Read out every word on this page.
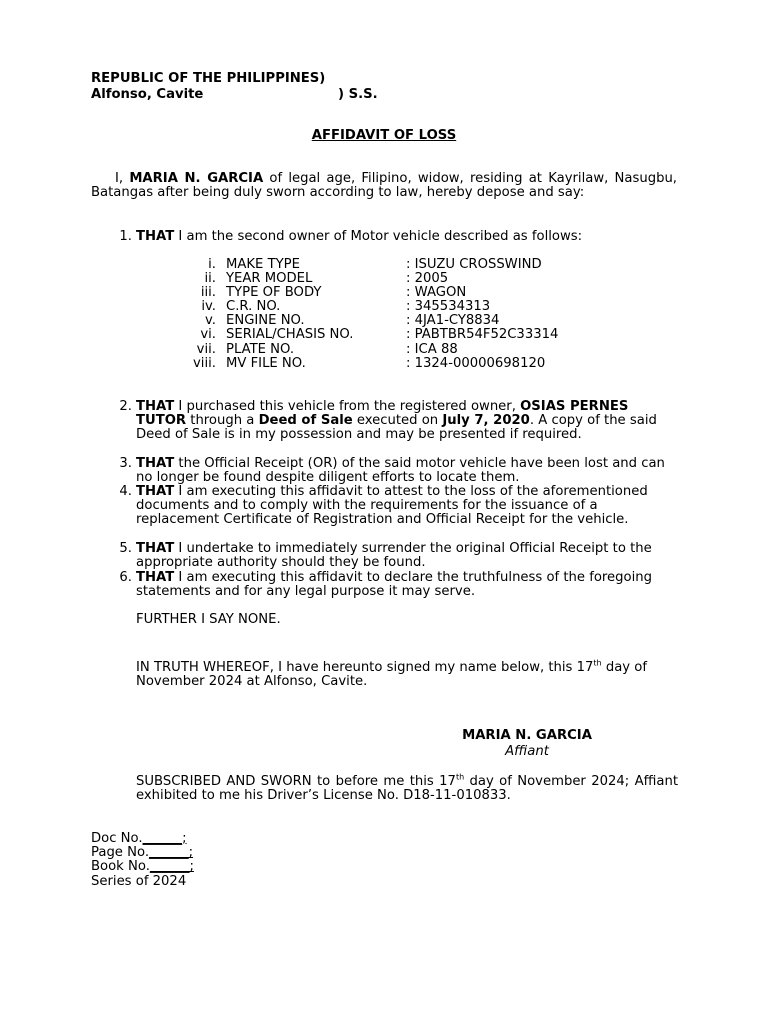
REPUBLIC OF THE PHILIPPINES)
Alfonso, Cavite	) S.S.
AFFIDAVIT OF LOSS
I, MARIA N. GARCIA of legal age, Filipino, widow, residing at Kayrilaw, Nasugbu, Batangas after being duly sworn according to law, hereby depose and say:
1. THAT I am the second owner of Motor vehicle described as follows:
i. MAKE TYPE	: ISUZU CROSSWIND
ii. YEAR MODEL	: 2005
iii. TYPE OF BODY	: WAGON
iv. C.R. NO.	: 345534313
v. ENGINE NO.	: 4JA1-CY8834
vi. SERIAL/CHASIS NO.	: PABTBR54F52C33314
vii. PLATE NO.	: ICA 88
viii. MV FILE NO.	: 1324-00000698120
2. THAT I purchased this vehicle from the registered owner, OSIAS PERNES TUTOR through a Deed of Sale executed on July 7, 2020. A copy of the said Deed of Sale is in my possession and may be presented if required.
3. THAT the Official Receipt (OR) of the said motor vehicle have been lost and can no longer be found despite diligent efforts to locate them.
4. THAT I am executing this affidavit to attest to the loss of the aforementioned documents and to comply with the requirements for the issuance of a replacement Certificate of Registration and Official Receipt for the vehicle.
5. THAT I undertake to immediately surrender the original Official Receipt to the appropriate authority should they be found.
6. THAT I am executing this affidavit to declare the truthfulness of the foregoing statements and for any legal purpose it may serve.
FURTHER I SAY NONE.
IN TRUTH WHEREOF, I have hereunto signed my name below, this 17th day of November 2024 at Alfonso, Cavite.
MARIA N. GARCIA
Affiant
SUBSCRIBED AND SWORN to before me this 17th day of November 2024; Affiant exhibited to me his Driver’s License No. D18-11-010833.
Doc No.______;
Page No.______;
Book No.______;
Series of 2024
